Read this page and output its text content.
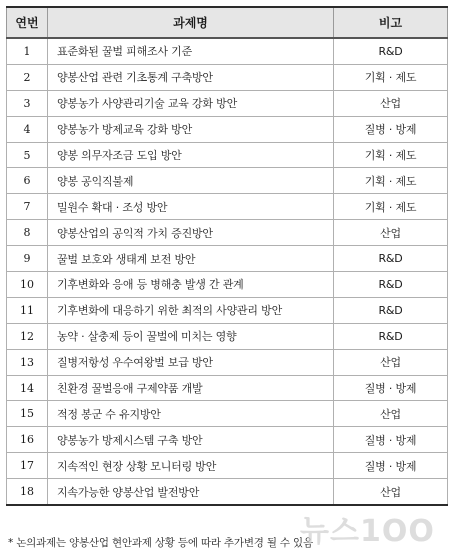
연번	과제명	비고
1	표준화된 꿀벌 피해조사 기준	R&D
2	양봉산업 관련 기초통계 구축방안	기획 · 제도
3	양봉농가 사양관리기술 교육 강화 방안	산업
4	양봉농가 방제교육 강화 방안	질병 · 방제
5	양봉 의무자조금 도입 방안	기획 · 제도
6	양봉 공익직불제	기획 · 제도
7	밀원수 확대 · 조성 방안	기획 · 제도
8	양봉산업의 공익적 가치 증진방안	산업
9	꿀벌 보호와 생태계 보전 방안	R&D
10	기후변화와 응애 등 병해충 발생 간 관계	R&D
11	기후변화에 대응하기 위한 최적의 사양관리 방안	R&D
12	농약 · 살충제 등이 꿀벌에 미치는 영향	R&D
13	질병저항성 우수여왕벌 보급 방안	산업
14	친환경 꿀벌응애 구제약품 개발	질병 · 방제
15	적정 봉군 수 유지방안	산업
16	양봉농가 방제시스템 구축 방안	질병 · 방제
17	지속적인 현장 상황 모니터링 방안	질병 · 방제
18	지속가능한 양봉산업 발전방안	산업
* 논의과제는 양봉산업 현안과제 상황 등에 따라 추가변경 될 수 있음
뉴스1OO
